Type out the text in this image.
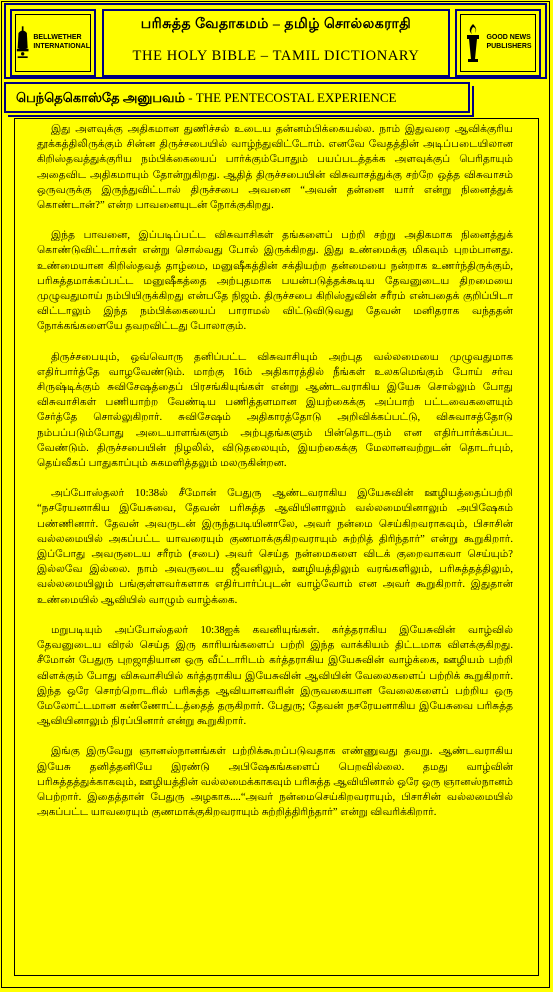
BELLWETHER
INTERNATIONAL
பரிசுத்த வேதாகமம் – தமிழ் சொல்லகராதி
THE HOLY BIBLE – TAMIL DICTIONARY
GOOD NEWS
PUBLISHERS
பெந்தெகொஸ்தே அனுபவம் - THE PENTECOSTAL EXPERIENCE

இது அளவுக்கு அதிகமான துணிச்சல் உடைய தன்னம்பிக்கையல்ல. நாம் இதுவரை ஆவிக்குரிய தூக்கத்திலிருக்கும் சின்ன திருச்சபையில் வாழ்ந்துவிட்டோம். எனவே வேதத்தின் அடிப்படையிலான கிறிஸ்தவத்துக்குரிய நம்பிக்கையைப் பார்க்கும்போதும் பயப்படத்தக்க அளவுக்குப் பெரிதாயும் அதைவிட அதிகமாயும் தோன்றுகிறது. ஆதித் திருச்சபையின் விசுவாசத்துக்கு சற்றே ஒத்த விசுவாசம் ஒருவருக்கு இருந்துவிட்டால் திருச்சபை அவனை “அவன் தன்னை யார் என்று நினைத்துக் கொண்டான்?” என்ற பாவனையுடன் நோக்குகிறது.

இந்த பாவனை, இப்படிப்பட்ட விசுவாசிகள் தங்களைப் பற்றி சற்று அதிகமாக நினைத்துக் கொண்டுவிட்டார்கள் என்று சொல்வது போல் இருக்கிறது. இது உண்மைக்கு மிகவும் புறம்பானது. உண்மையான கிறிஸ்தவத் தாழ்மை, மனுஷீகத்தின் சக்தியற்ற தன்மையை நன்றாக உணர்ந்திருக்கும், பரிசுத்தமாக்கப்பட்ட மனுஷீகத்தை அற்புதமாக பயன்படுத்தக்கூடிய தேவனுடைய திறமையை முழுவதுமாய் நம்பியிருக்கிறது என்பதே நிஜம். திருச்சபை கிறிஸ்துவின் சரீரம் என்பதைக் குறிப்பிடா விட்டாலும் இந்த நம்பிக்கையைப் பாராமல் விட்டுவிடுவது தேவன் மனிதராக வந்ததன் நோக்கங்களையே தவறவிட்டது போலாகும்.

திருச்சபையும், ஒவ்வொரு தனிப்பட்ட விசுவாசியும் அற்புத வல்லமையை முழுவதுமாக எதிர்பார்த்தே வாழவேண்டும். மாற்கு 16ம் அதிகாரத்தில் நீங்கள் உலகமெங்கும் போய் சர்வ சிருஷ்டிக்கும் சுவிசேஷத்தைப் பிரசங்கியுங்கள் என்று ஆண்டவராகிய இயேசு சொல்லும் போது விசுவாசிகள் பணியாற்ற வேண்டிய பணித்தளமான இயற்கைக்கு அப்பாற் பட்டவைகளையும் சேர்த்தே சொல்லுகிறார். சுவிசேஷம் அதிகாரத்தோடு அறிவிக்கப்பட்டு, விசுவாசத்தோடு நம்பப்படும்போது அடையாளங்களும் அற்புதங்களும் பின்தொடரும் என எதிர்பார்க்கப்பட வேண்டும். திருச்சபையின் நிழலில், விடுதலையும், இயற்கைக்கு மேலானவற்றுடன் தொடர்பும், தெய்வீகப் பாதுகாப்பும் சுகமளித்தலும் மலருகின்றன.

அப்போஸ்தலர் 10:38ல் சீமோன் பேதுரு ஆண்டவராகிய இயேசுவின் ஊழியத்தைப்பற்றி “நசரேயனாகிய இயேசுவை, தேவன் பரிசுத்த ஆவியினாலும் வல்லமையினாலும் அபிஷேகம் பண்ணினார். தேவன் அவருடன் இருந்தபடியினாலே, அவர் நன்மை செய்கிறவராகவும், பிசாசின் வல்லமையில் அகப்பட்ட யாவரையும் குணமாக்குகிறவராயும் சுற்றித் திரிந்தார்” என்று கூறுகிறார். இப்போது அவருடைய சரீரம் (சபை) அவர் செய்த நன்மைகளை விடக் குறைவாகவா செய்யும்? இல்லவே இல்லை. நாம் அவருடைய ஜீவனிலும், ஊழியத்திலும் வரங்களிலும், பரிசுத்தத்திலும், வல்லமையிலும் பங்குள்ளவர்களாக எதிர்பார்ப்புடன் வாழ்வோம் என அவர் கூறுகிறார். இதுதான் உண்மையில் ஆவியில் வாழும் வாழ்க்கை.

மறுபடியும் அப்போஸ்தலர் 10:38ஐக் கவனியுங்கள். கர்த்தராகிய இயேசுவின் வாழ்வில் தேவனுடைய விரல் செய்த இரு காரியங்களைப் பற்றி இந்த வாக்கியம் திட்டமாக விளக்குகிறது. சீமோன் பேதுரு புறஜாதியான ஒரு வீட்டாரிடம் கர்த்தராகிய இயேசுவின் வாழ்க்கை, ஊழியம் பற்றி விளக்கும் போது விசுவாசியில் கர்த்தராகிய இயேசுவின் ஆவியின் வேலைகளைப் பற்றிக் கூறுகிறார். இந்த ஒரே சொற்றொடரில் பரிசுத்த ஆவியானவரின் இருவகையான வேலைகளைப் பற்றிய ஒரு மேலோட்டமான கண்ணோட்டத்தைத் தருகிறார். பேதுரு; தேவன் நசரேயனாகிய இயேசுவை பரிசுத்த ஆவியினாலும் நிரப்பினார் என்று கூறுகிறார்.

இங்கு இருவேறு ஞானஸ்நானங்கள் பற்றிக்கூறப்படுவதாக எண்ணுவது தவறு. ஆண்டவராகிய இயேசு தனித்தனியே இரண்டு அபிஷேகங்களைப் பெறவில்லை. தமது வாழ்வின் பரிசுத்தத்துக்காகவும், ஊழியத்தின் வல்லமைக்காகவும் பரிசுத்த ஆவியினால் ஒரே ஒரு ஞானஸ்நானம் பெற்றார். இதைத்தான் பேதுரு அழகாக....“அவர் நன்மைசெய்கிறவராயும், பிசாசின் வல்லமையில் அகப்பட்ட யாவரையும் குணமாக்குகிறவராயும் சுற்றித்திரிந்தார்” என்று விவரிக்கிறார்.
